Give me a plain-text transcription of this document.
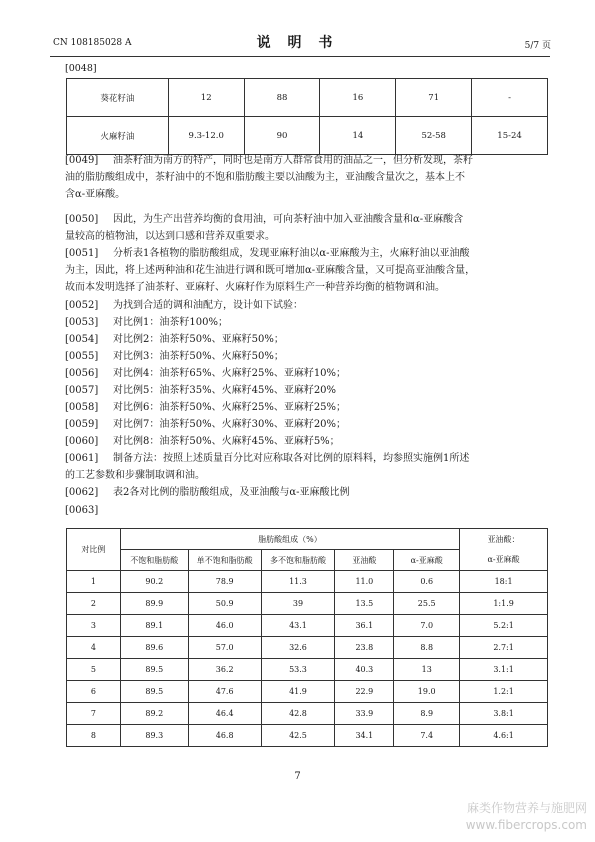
CN 108185028 A	说 明 书	5/7 页
[0048]
葵花籽油	12	88	16	71	-
火麻籽油	9.3-12.0	90	14	52-58	15-24
[0049] 油茶籽油为南方的特产，同时也是南方人群常食用的油品之一，但分析发现，茶籽
油的脂肪酸组成中，茶籽油中的不饱和脂肪酸主要以油酸为主，亚油酸含量次之，基本上不
含α-亚麻酸。
[0050] 因此，为生产出营养均衡的食用油，可向茶籽油中加入亚油酸含量和α-亚麻酸含
量较高的植物油，以达到口感和营养双重要求。
[0051] 分析表1各植物的脂肪酸组成，发现亚麻籽油以α-亚麻酸为主，火麻籽油以亚油酸
为主，因此，将上述两种油和花生油进行调和既可增加α-亚麻酸含量，又可提高亚油酸含量，
故而本发明选择了油茶籽、亚麻籽、火麻籽作为原料生产一种营养均衡的植物调和油。
[0052] 为找到合适的调和油配方，设计如下试验：
[0053] 对比例1：油茶籽100%；
[0054] 对比例2：油茶籽50%、亚麻籽50%；
[0055] 对比例3：油茶籽50%、火麻籽50%；
[0056] 对比例4：油茶籽65%、火麻籽25%、亚麻籽10%；
[0057] 对比例5：油茶籽35%、火麻籽45%、亚麻籽20%
[0058] 对比例6：油茶籽50%、火麻籽25%、亚麻籽25%；
[0059] 对比例7：油茶籽50%、火麻籽30%、亚麻籽20%；
[0060] 对比例8：油茶籽50%、火麻籽45%、亚麻籽5%；
[0061] 制备方法：按照上述质量百分比对应称取各对比例的原料料，均参照实施例1所述
的工艺参数和步骤制取调和油。
[0062] 表2各对比例的脂肪酸组成，及亚油酸与α-亚麻酸比例
[0063]
对比例	脂肪酸组成（%）					亚油酸：
	不饱和脂肪酸	单不饱和脂肪酸	多不饱和脂肪酸	亚油酸	α-亚麻酸	α-亚麻酸
1	90.2	78.9	11.3	11.0	0.6	18:1
2	89.9	50.9	39	13.5	25.5	1:1.9
3	89.1	46.0	43.1	36.1	7.0	5.2:1
4	89.6	57.0	32.6	23.8	8.8	2.7:1
5	89.5	36.2	53.3	40.3	13	3.1:1
6	89.5	47.6	41.9	22.9	19.0	1.2:1
7	89.2	46.4	42.8	33.9	8.9	3.8:1
8	89.3	46.8	42.5	34.1	7.4	4.6:1
7
麻类作物营养与施肥网
www.fibercrops.com
